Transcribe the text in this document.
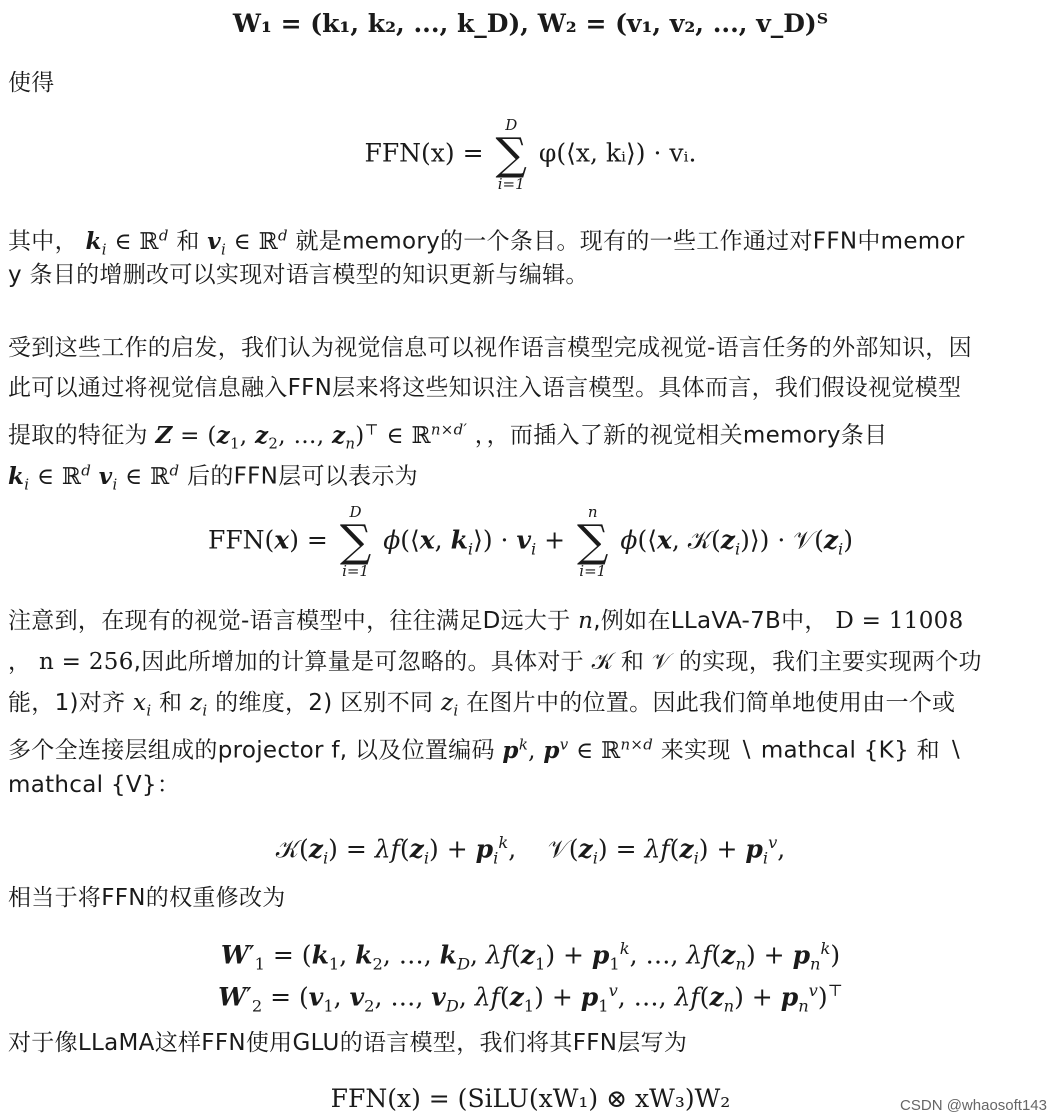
W₁ = (k₁, k₂, ..., k_D), W₂ = (v₁, v₂, ..., v_D)ᵀ
使得
FFN(x) =
D
∑
i=1
φ(⟨x, kᵢ⟩) · vᵢ.
其中， $k_i$ ∈ ℝ$^d$ 和 $v_i$ ∈ ℝ$^d$ 就是memory的一个条目。现有的一些工作通过对FFN中memor
y 条目的增删改可以实现对语言模型的知识更新与编辑。
受到这些工作的启发，我们认为视觉信息可以视作语言模型完成视觉-语言任务的外部知识，因
此可以通过将视觉信息融入FFN层来将这些知识注入语言模型。具体而言，我们假设视觉模型
提取的特征为 $Z = (z_1$, $z_2$, …, $z_n)^⊤$ ∈ ℝ$^{n\times d'}$ ，，而插入了新的视觉相关memory条目
$k_i$ ∈ ℝ$^d$ $v_i$ ∈ ℝ$^d$ 后的FFN层可以表示为
FFN(x) =
D
∑
i=1
ϕ(⟨x, $k_i⟩) \cdot v_i$ +
n
∑
i=1
ϕ(⟨x, $𝒦(z_i)⟩$) · $𝒱(z_i)$
注意到，在现有的视觉-语言模型中，往往满足D远大于 n,例如在LLaVA-7B中， D = 11008
， n = 256,因此所增加的计算量是可忽略的。具体对于 𝒦 和 𝒱 的实现，我们主要实现两个功
能，1)对齐 $x_i$ 和 $z_i$ 的维度，2) 区别不同 $z_i$ 在图片中的位置。因此我们简单地使用由一个或
多个全连接层组成的projector f, 以及位置编码 $p^k$, $p^v$ ∈ ℝ$^{n\times d}$ 来实现 ∖ mathcal {K} 和 ∖
mathcal {V}：
$𝒦(z_i) = \lambda f(z_i) + p_i^k$,    $𝒱(z_i) = \lambda f(z_i) + p_i^v$,
相当于将FFN的权重修改为
$W'_1 = (k_1$, $k_2$, …, $k_D$, $\lambda f(z_1) + p_1^k$, …, $\lambda f(z_n) + p_n^k$)
$W'_2 = (v_1$, $v_2$, …, $v_D$, $\lambda f(z_1) + p_1^v$, …, $\lambda f(z_n) + p_n^v)^⊤$
对于像LLaMA这样FFN使用GLU的语言模型，我们将其FFN层写为
FFN(x) = (SiLU(xW₁) ⊗ xW₃)W₂	CSDN @whaosoft143
